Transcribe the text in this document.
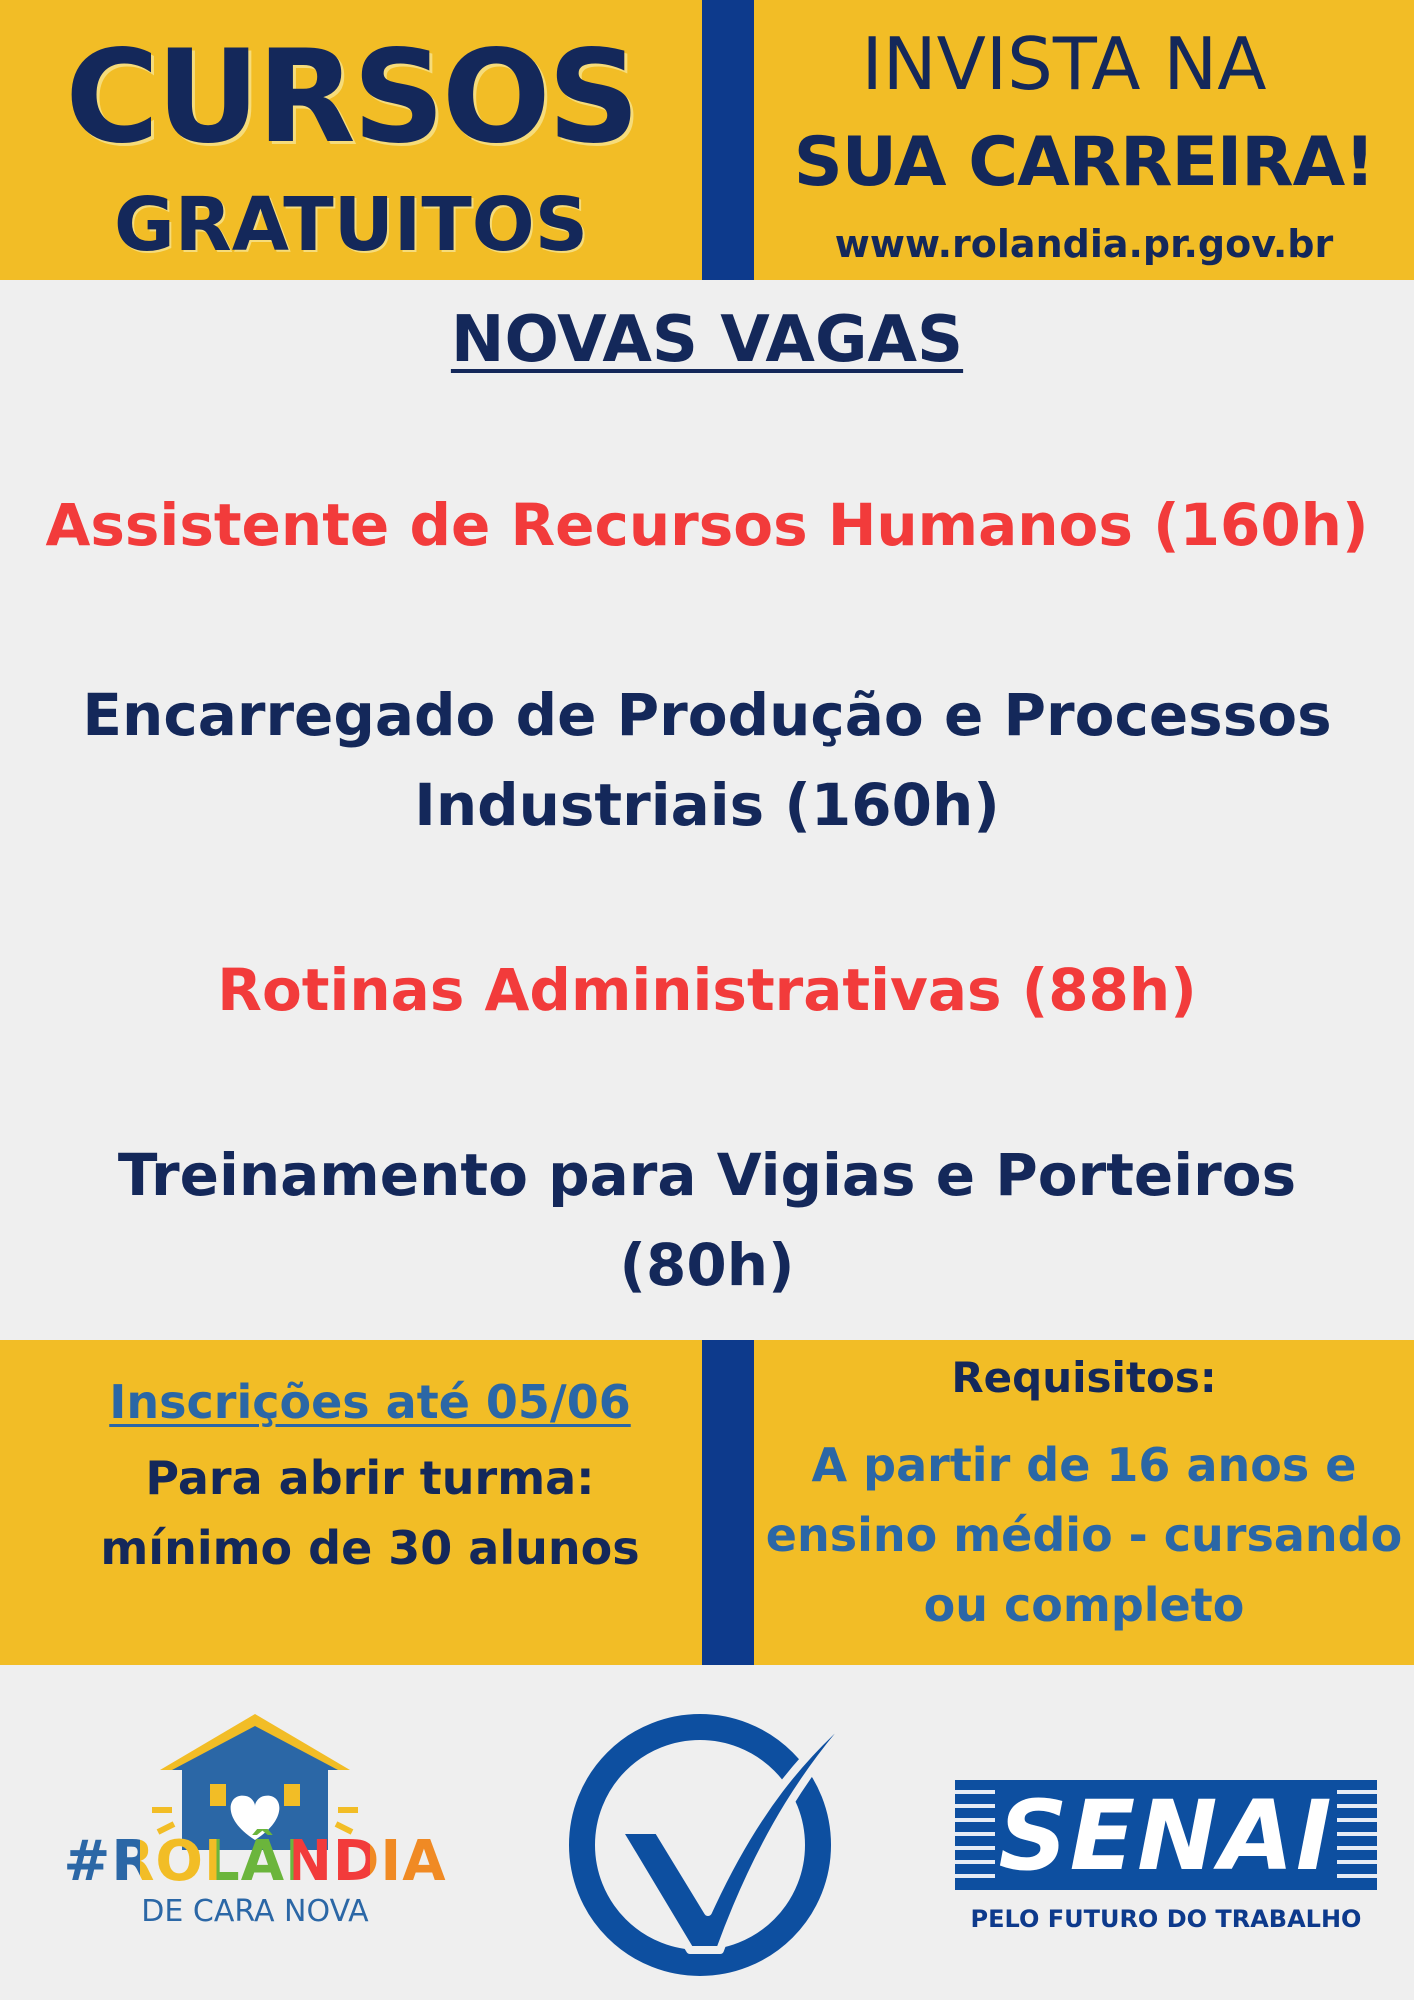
CURSOS
GRATUITOS
INVISTA NA
SUA CARREIRA!
www.rolandia.pr.gov.br
NOVAS VAGAS
Assistente de Recursos Humanos (160h)
Encarregado de Produção e Processos
Industriais (160h)
Rotinas Administrativas (88h)
Treinamento para Vigias e Porteiros
(80h)
Inscrições até 05/06
Para abrir turma:
mínimo de 30 alunos
Requisitos:
A partir de 16 anos e
ensino médio - cursando
ou completo
#ROLÂNDIA
DE CARA NOVA
SENAI
PELO FUTURO DO TRABALHO
